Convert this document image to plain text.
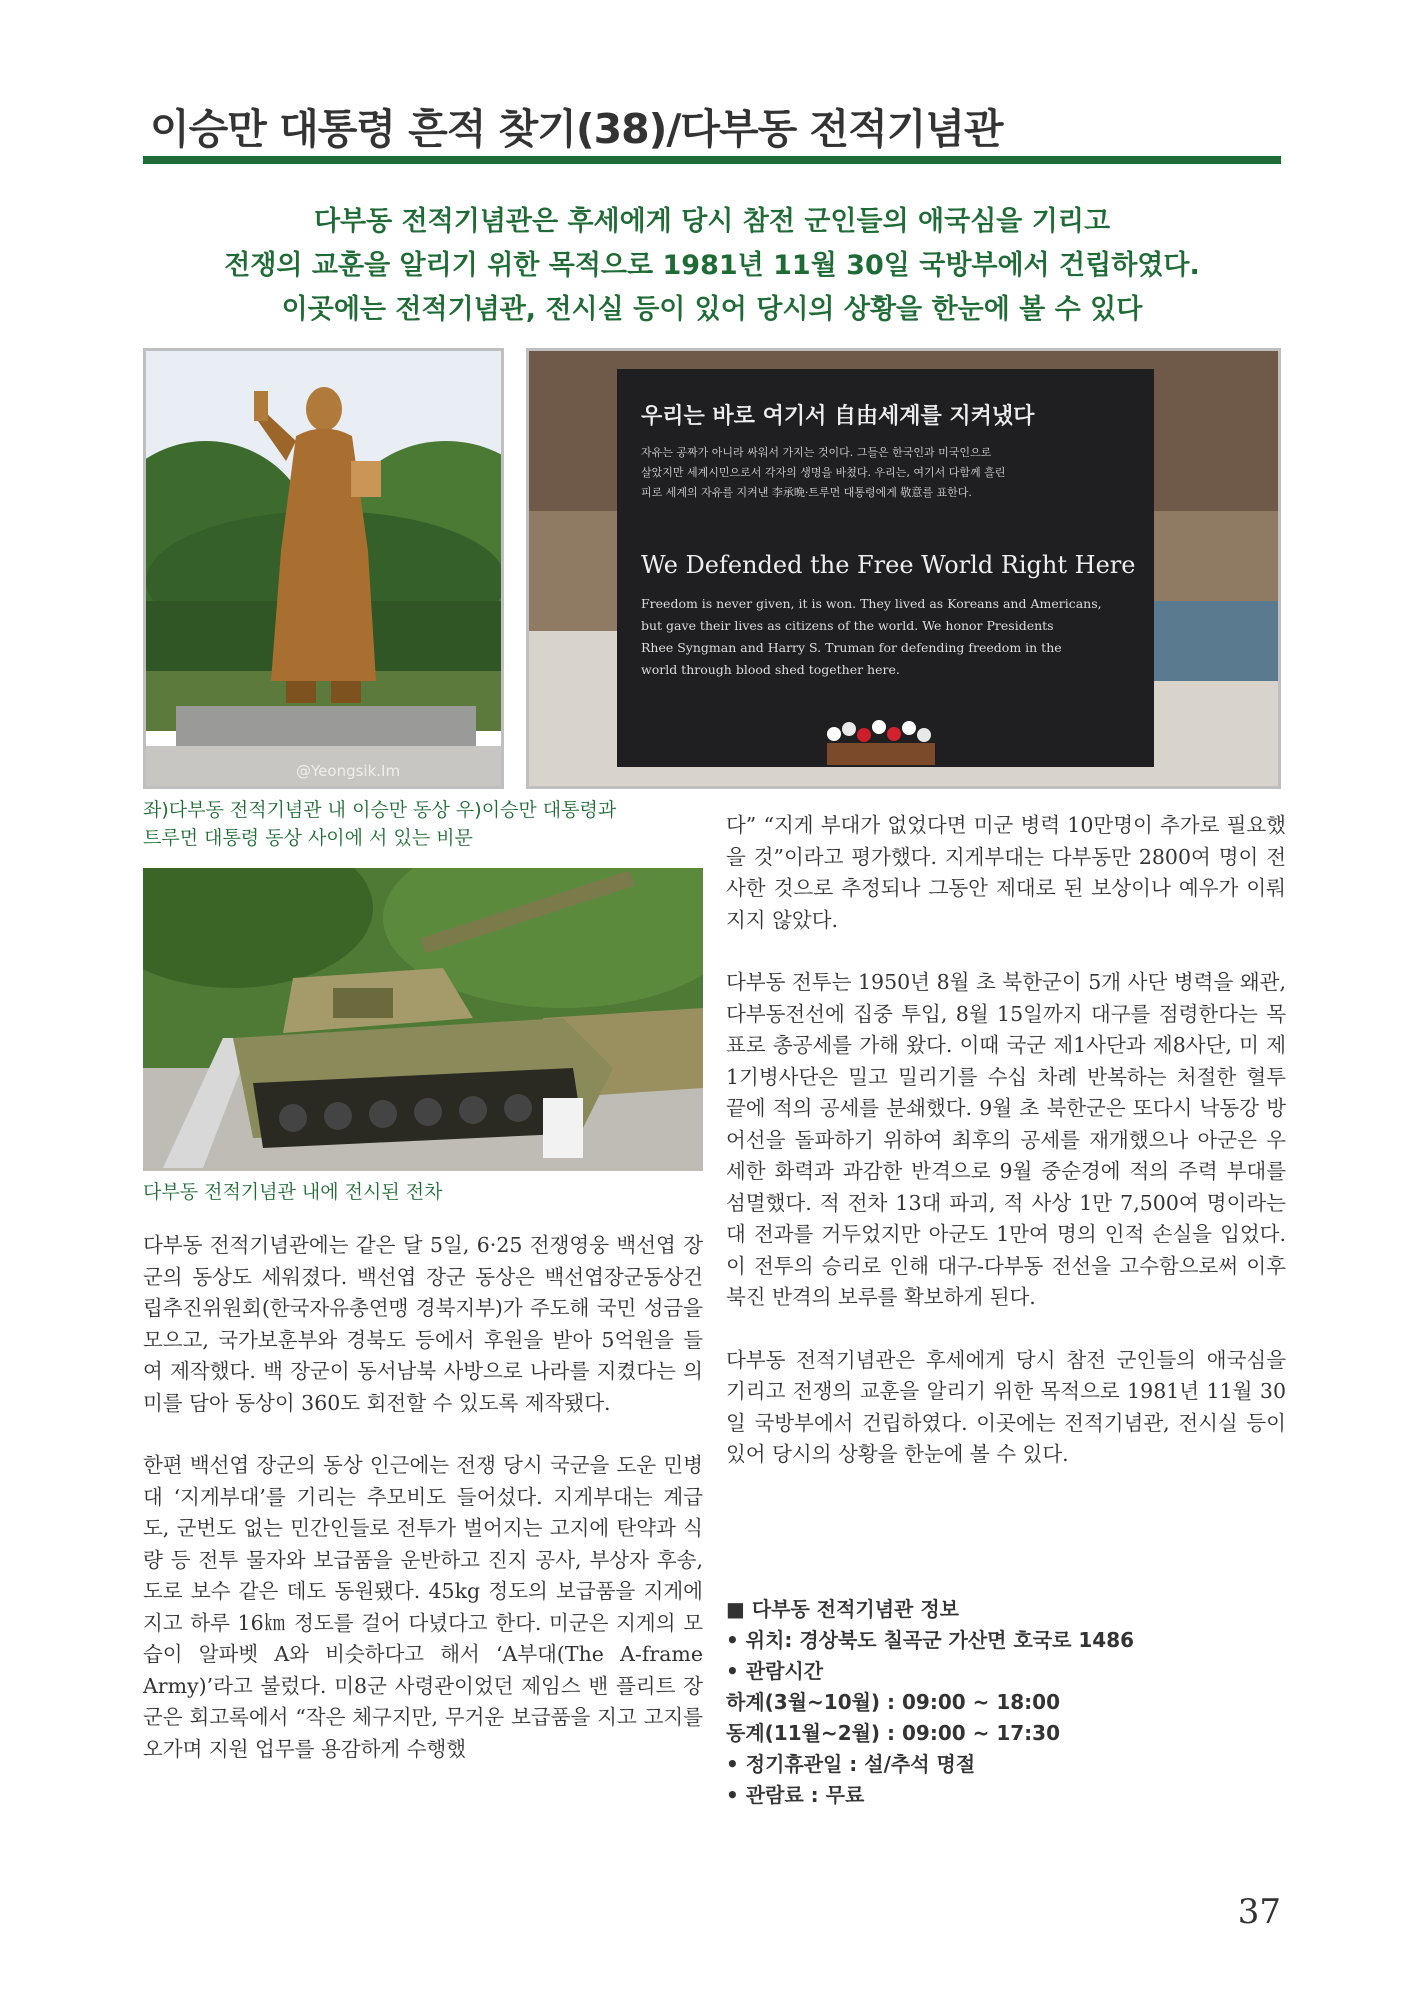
이승만 대통령 흔적 찾기(38)/다부동 전적기념관
다부동 전적기념관은 후세에게 당시 참전 군인들의 애국심을 기리고
전쟁의 교훈을 알리기 위한 목적으로 1981년 11월 30일 국방부에서 건립하였다.
이곳에는 전적기념관, 전시실 등이 있어 당시의 상황을 한눈에 볼 수 있다
@Yeongsik.Im
우리는 바로 여기서 自由세계를 지켜냈다
자유는 공짜가 아니라 싸워서 가지는 것이다. 그들은 한국인과 미국인으로
살았지만 세계시민으로서 각자의 생명을 바쳤다. 우리는, 여기서 다함께 흘린
피로 세계의 자유를 지켜낸 李承晩·트루먼 대통령에게 敬意를 표한다.
We Defended the Free World Right Here
Freedom is never given, it is won. They lived as Koreans and Americans,
but gave their lives as citizens of the world. We honor Presidents
Rhee Syngman and Harry S. Truman for defending freedom in the
world through blood shed together here.
좌)다부동 전적기념관 내 이승만 동상 우)이승만 대통령과
트루먼 대통령 동상 사이에 서 있는 비문
다부동 전적기념관 내에 전시된 전차

다부동 전적기념관에는 같은 달 5일, 6·25 전쟁영웅 백선엽 장군의 동상도 세워졌다. 백선엽 장군 동상은 백선엽장군동상건립추진위원회(한국자유총연맹 경북지부)가 주도해 국민 성금을 모으고, 국가보훈부와 경북도 등에서 후원을 받아 5억원을 들여 제작했다. 백 장군이 동서남북 사방으로 나라를 지켰다는 의미를 담아 동상이 360도 회전할 수 있도록 제작됐다.

한편 백선엽 장군의 동상 인근에는 전쟁 당시 국군을 도운 민병대 ‘지게부대’를 기리는 추모비도 들어섰다. 지게부대는 계급도, 군번도 없는 민간인들로 전투가 벌어지는 고지에 탄약과 식량 등 전투 물자와 보급품을 운반하고 진지 공사, 부상자 후송, 도로 보수 같은 데도 동원됐다. 45kg 정도의 보급품을 지게에 지고 하루 16㎞ 정도를 걸어 다녔다고 한다. 미군은 지게의 모습이 알파벳 A와 비슷하다고 해서 ‘A부대(The A-frame Army)’라고 불렀다. 미8군 사령관이었던 제임스 밴 플리트 장군은 회고록에서 “작은 체구지만, 무거운 보급품을 지고 고지를 오가며 지원 업무를 용감하게 수행했

다” “지게 부대가 없었다면 미군 병력 10만명이 추가로 필요했을 것”이라고 평가했다. 지게부대는 다부동만 2800여 명이 전사한 것으로 추정되나 그동안 제대로 된 보상이나 예우가 이뤄지지 않았다.

다부동 전투는 1950년 8월 초 북한군이 5개 사단 병력을 왜관, 다부동전선에 집중 투입, 8월 15일까지 대구를 점령한다는 목표로 총공세를 가해 왔다. 이때 국군 제1사단과 제8사단, 미 제1기병사단은 밀고 밀리기를 수십 차례 반복하는 처절한 혈투 끝에 적의 공세를 분쇄했다. 9월 초 북한군은 또다시 낙동강 방어선을 돌파하기 위하여 최후의 공세를 재개했으나 아군은 우세한 화력과 과감한 반격으로 9월 중순경에 적의 주력 부대를 섬멸했다. 적 전차 13대 파괴, 적 사상 1만 7,500여 명이라는 대 전과를 거두었지만 아군도 1만여 명의 인적 손실을 입었다. 이 전투의 승리로 인해 대구-다부동 전선을 고수함으로써 이후 북진 반격의 보루를 확보하게 된다.

다부동 전적기념관은 후세에게 당시 참전 군인들의 애국심을 기리고 전쟁의 교훈을 알리기 위한 목적으로 1981년 11월 30일 국방부에서 건립하였다. 이곳에는 전적기념관, 전시실 등이 있어 당시의 상황을 한눈에 볼 수 있다.

■ 다부동 전적기념관 정보
• 위치: 경상북도 칠곡군 가산면 호국로 1486
• 관람시간
하계(3월~10월) : 09:00 ~ 18:00
동계(11월~2월) : 09:00 ~ 17:30
• 정기휴관일 : 설/추석 명절
• 관람료 : 무료
37
